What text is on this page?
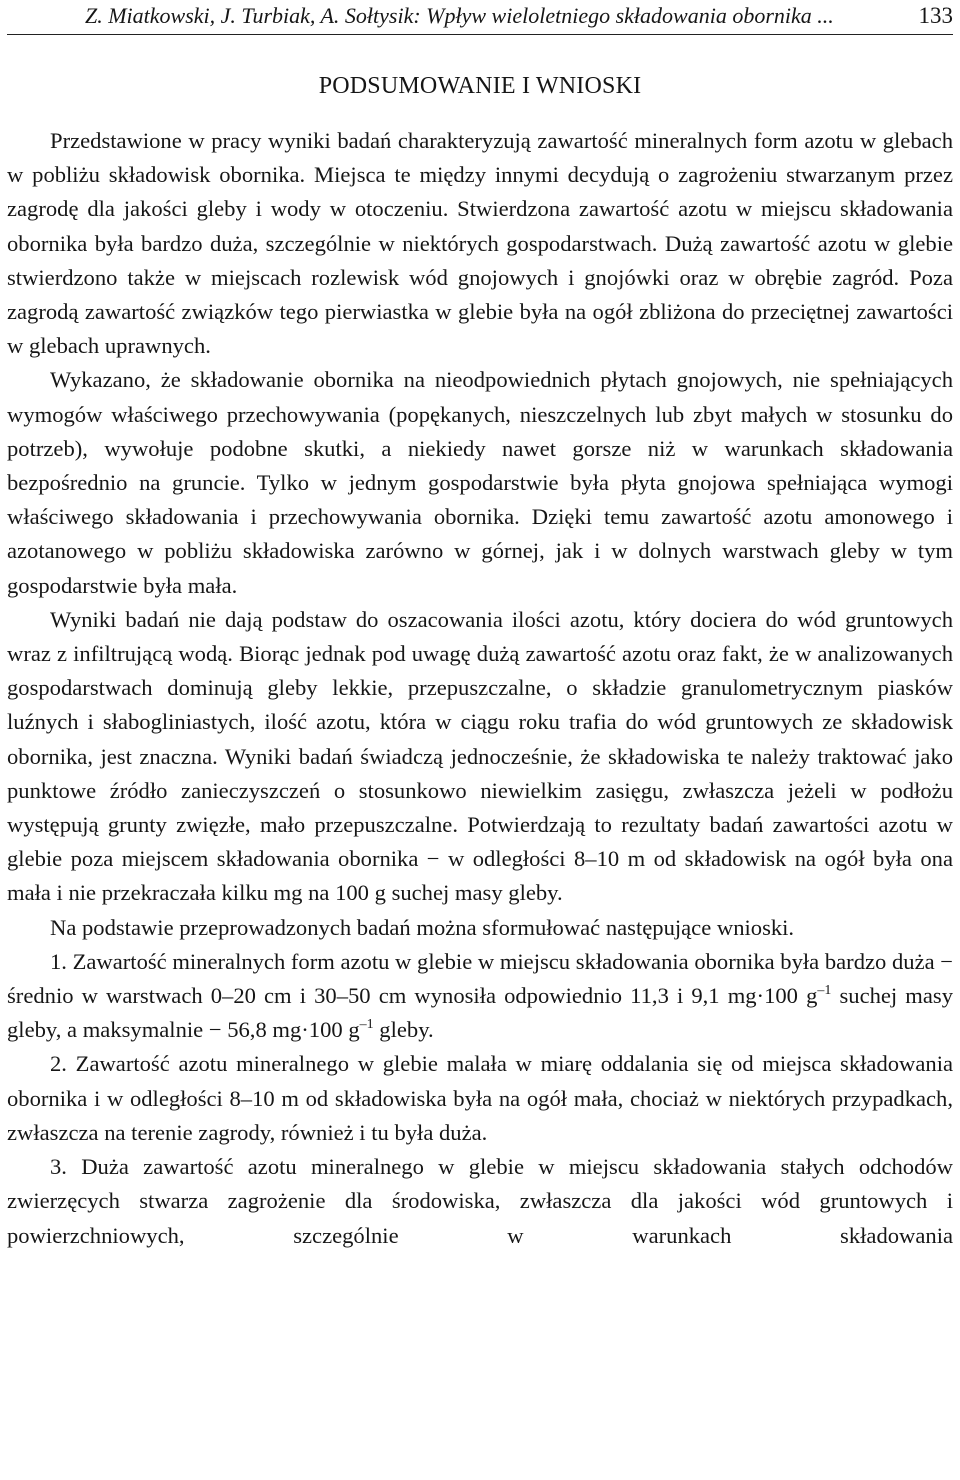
Z. Miatkowski, J. Turbiak, A. Sołtysik: Wpływ wieloletniego składowania obornika ...	133
PODSUMOWANIE I WNIOSKI

Przedstawione w pracy wyniki badań charakteryzują zawartość mineralnych form azotu w glebach w pobliżu składowisk obornika. Miejsca te między innymi decydują o zagrożeniu stwarzanym przez zagrodę dla jakości gleby i wody w otoczeniu. Stwierdzona zawartość azotu w miejscu składowania obornika była bardzo duża, szczególnie w niektórych gospodarstwach. Dużą zawartość azotu w glebie stwierdzono także w miejscach rozlewisk wód gnojowych i gnojówki oraz w obrębie zagród. Poza zagrodą zawartość związków tego pierwiastka w glebie była na ogół zbliżona do przeciętnej zawartości w glebach uprawnych.

Wykazano, że składowanie obornika na nieodpowiednich płytach gnojowych, nie spełniających wymogów właściwego przechowywania (popękanych, nieszczelnych lub zbyt małych w stosunku do potrzeb), wywołuje podobne skutki, a niekiedy nawet gorsze niż w warunkach składowania bezpośrednio na gruncie. Tylko w jednym gospodarstwie była płyta gnojowa spełniająca wymogi właściwego składowania i przechowywania obornika. Dzięki temu zawartość azotu amonowego i azotanowego w pobliżu składowiska zarówno w górnej, jak i w dolnych warstwach gleby w tym gospodarstwie była mała.

Wyniki badań nie dają podstaw do oszacowania ilości azotu, który dociera do wód gruntowych wraz z infiltrującą wodą. Biorąc jednak pod uwagę dużą zawartość azotu oraz fakt, że w analizowanych gospodarstwach dominują gleby lekkie, przepuszczalne, o składzie granulometrycznym piasków luźnych i słabogliniastych, ilość azotu, która w ciągu roku trafia do wód gruntowych ze składowisk obornika, jest znaczna. Wyniki badań świadczą jednocześnie, że składowiska te należy traktować jako punktowe źródło zanieczyszczeń o stosunkowo niewielkim zasięgu, zwłaszcza jeżeli w podłożu występują grunty zwięzłe, mało przepuszczalne. Potwierdzają to rezultaty badań zawartości azotu w glebie poza miejscem składowania obornika − w odległości 8–10 m od składowisk na ogół była ona mała i nie przekraczała kilku mg na 100 g suchej masy gleby.

Na podstawie przeprowadzonych badań można sformułować następujące wnioski.

1. Zawartość mineralnych form azotu w glebie w miejscu składowania obornika była bardzo duża − średnio w warstwach 0–20 cm i 30–50 cm wynosiła odpowiednio 11,3 i 9,1 mg·100 $g^{-1}$ suchej masy gleby, a maksymalnie − 56,8 mg·100 $g^{-1}$ gleby.

2. Zawartość azotu mineralnego w glebie malała w miarę oddalania się od miejsca składowania obornika i w odległości 8–10 m od składowiska była na ogół mała, chociaż w niektórych przypadkach, zwłaszcza na terenie zagrody, również i tu była duża.

3. Duża zawartość azotu mineralnego w glebie w miejscu składowania stałych odchodów zwierzęcych stwarza zagrożenie dla środowiska, zwłaszcza dla jakości wód gruntowych i powierzchniowych, szczególnie w warunkach składowania
